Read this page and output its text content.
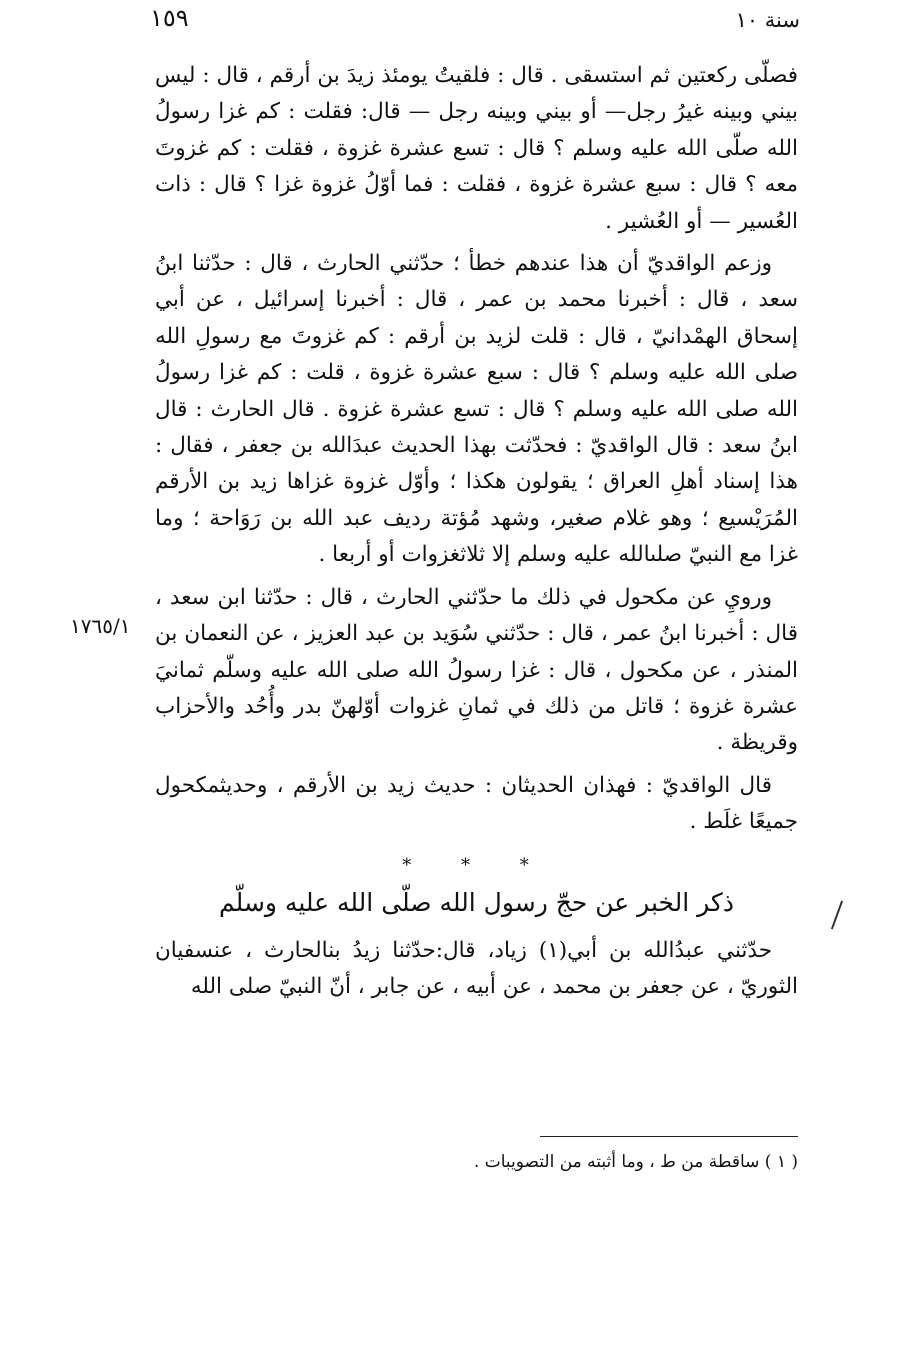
١٥٩	سنة ١٠

فصلّى ركعتين ثم استسقى . قال : فلقيتُ يومئذ زيدَ بن أرقم ، قال : ليس بيني وبينه غيرُ رجل— أو بيني وبينه رجل — قال: فقلت : كم غزا رسولُ الله صلّى الله عليه وسلم ؟ قال : تسع عشرة غزوة ، فقلت : كم غزوتَ معه ؟ قال : سبع عشرة غزوة ، فقلت : فما أوّلُ غزوة غزا ؟ قال : ذات العُسير — أو العُشير .

وزعم الواقديّ أن هذا عندهم خطأ ؛ حدّثني الحارث ، قال : حدّثنا ابنُ سعد ، قال : أخبرنا محمد بن عمر ، قال : أخبرنا إسرائيل ، عن أبي إسحاق الهمْدانيّ ، قال : قلت لزيد بن أرقم : كم غزوتَ مع رسولِ الله صلى الله عليه وسلم ؟ قال : سبع عشرة غزوة ، قلت : كم غزا رسولُ الله صلى الله عليه وسلم ؟ قال : تسع عشرة غزوة . قال الحارث : قال ابنُ سعد : قال الواقديّ : فحدّثت بهذا الحديث عبدَالله بن جعفر ، فقال : هذا إسناد أهلِ العراق ؛ يقولون هكذا ؛ وأوّل غزوة غزاها زيد بن الأرقم المُرَيْسيع ؛ وهو غلام صغير، وشهد مُؤتة رديف عبد الله بن رَوَاحة ؛ وما غزا مع النبيّ صلىالله عليه وسلم إلا ثلاثغزوات أو أربعا .

ورويِ عن مكحول في ذلك ما حدّثني الحارث ، قال : حدّثنا ابن سعد ، قال : أخبرنا ابنُ عمر ، قال : حدّثني سُوَيد بن عبد العزيز ، عن النعمان بن المنذر ، عن مكحول ، قال : غزا رسولُ الله صلى الله عليه وسلّم ثمانيَ عشرة غزوة ؛ قاتل من ذلك في ثمانِ غزوات أوّلهنّ بدر وأُحُد والأحزاب وقريظة .

قال الواقديّ : فهذان الحديثان : حديث زيد بن الأرقم ، وحديثمكحول جميعًا غلَط .

* * *
ذكر الخبر عن حجّ رسول الله صلّى الله عليه وسلّم

حدّثني عبدُالله بن أبي(١) زياد، قال:حدّثنا زيدُ بنالحارث ، عنسفيان الثوريّ ، عن جعفر بن محمد ، عن أبيه ، عن جابر ، أنّ النبيّ صلى الله

١٧٦٥/١
( ١ ) ساقطة من ط ، وما أثبته من التصويبات .
